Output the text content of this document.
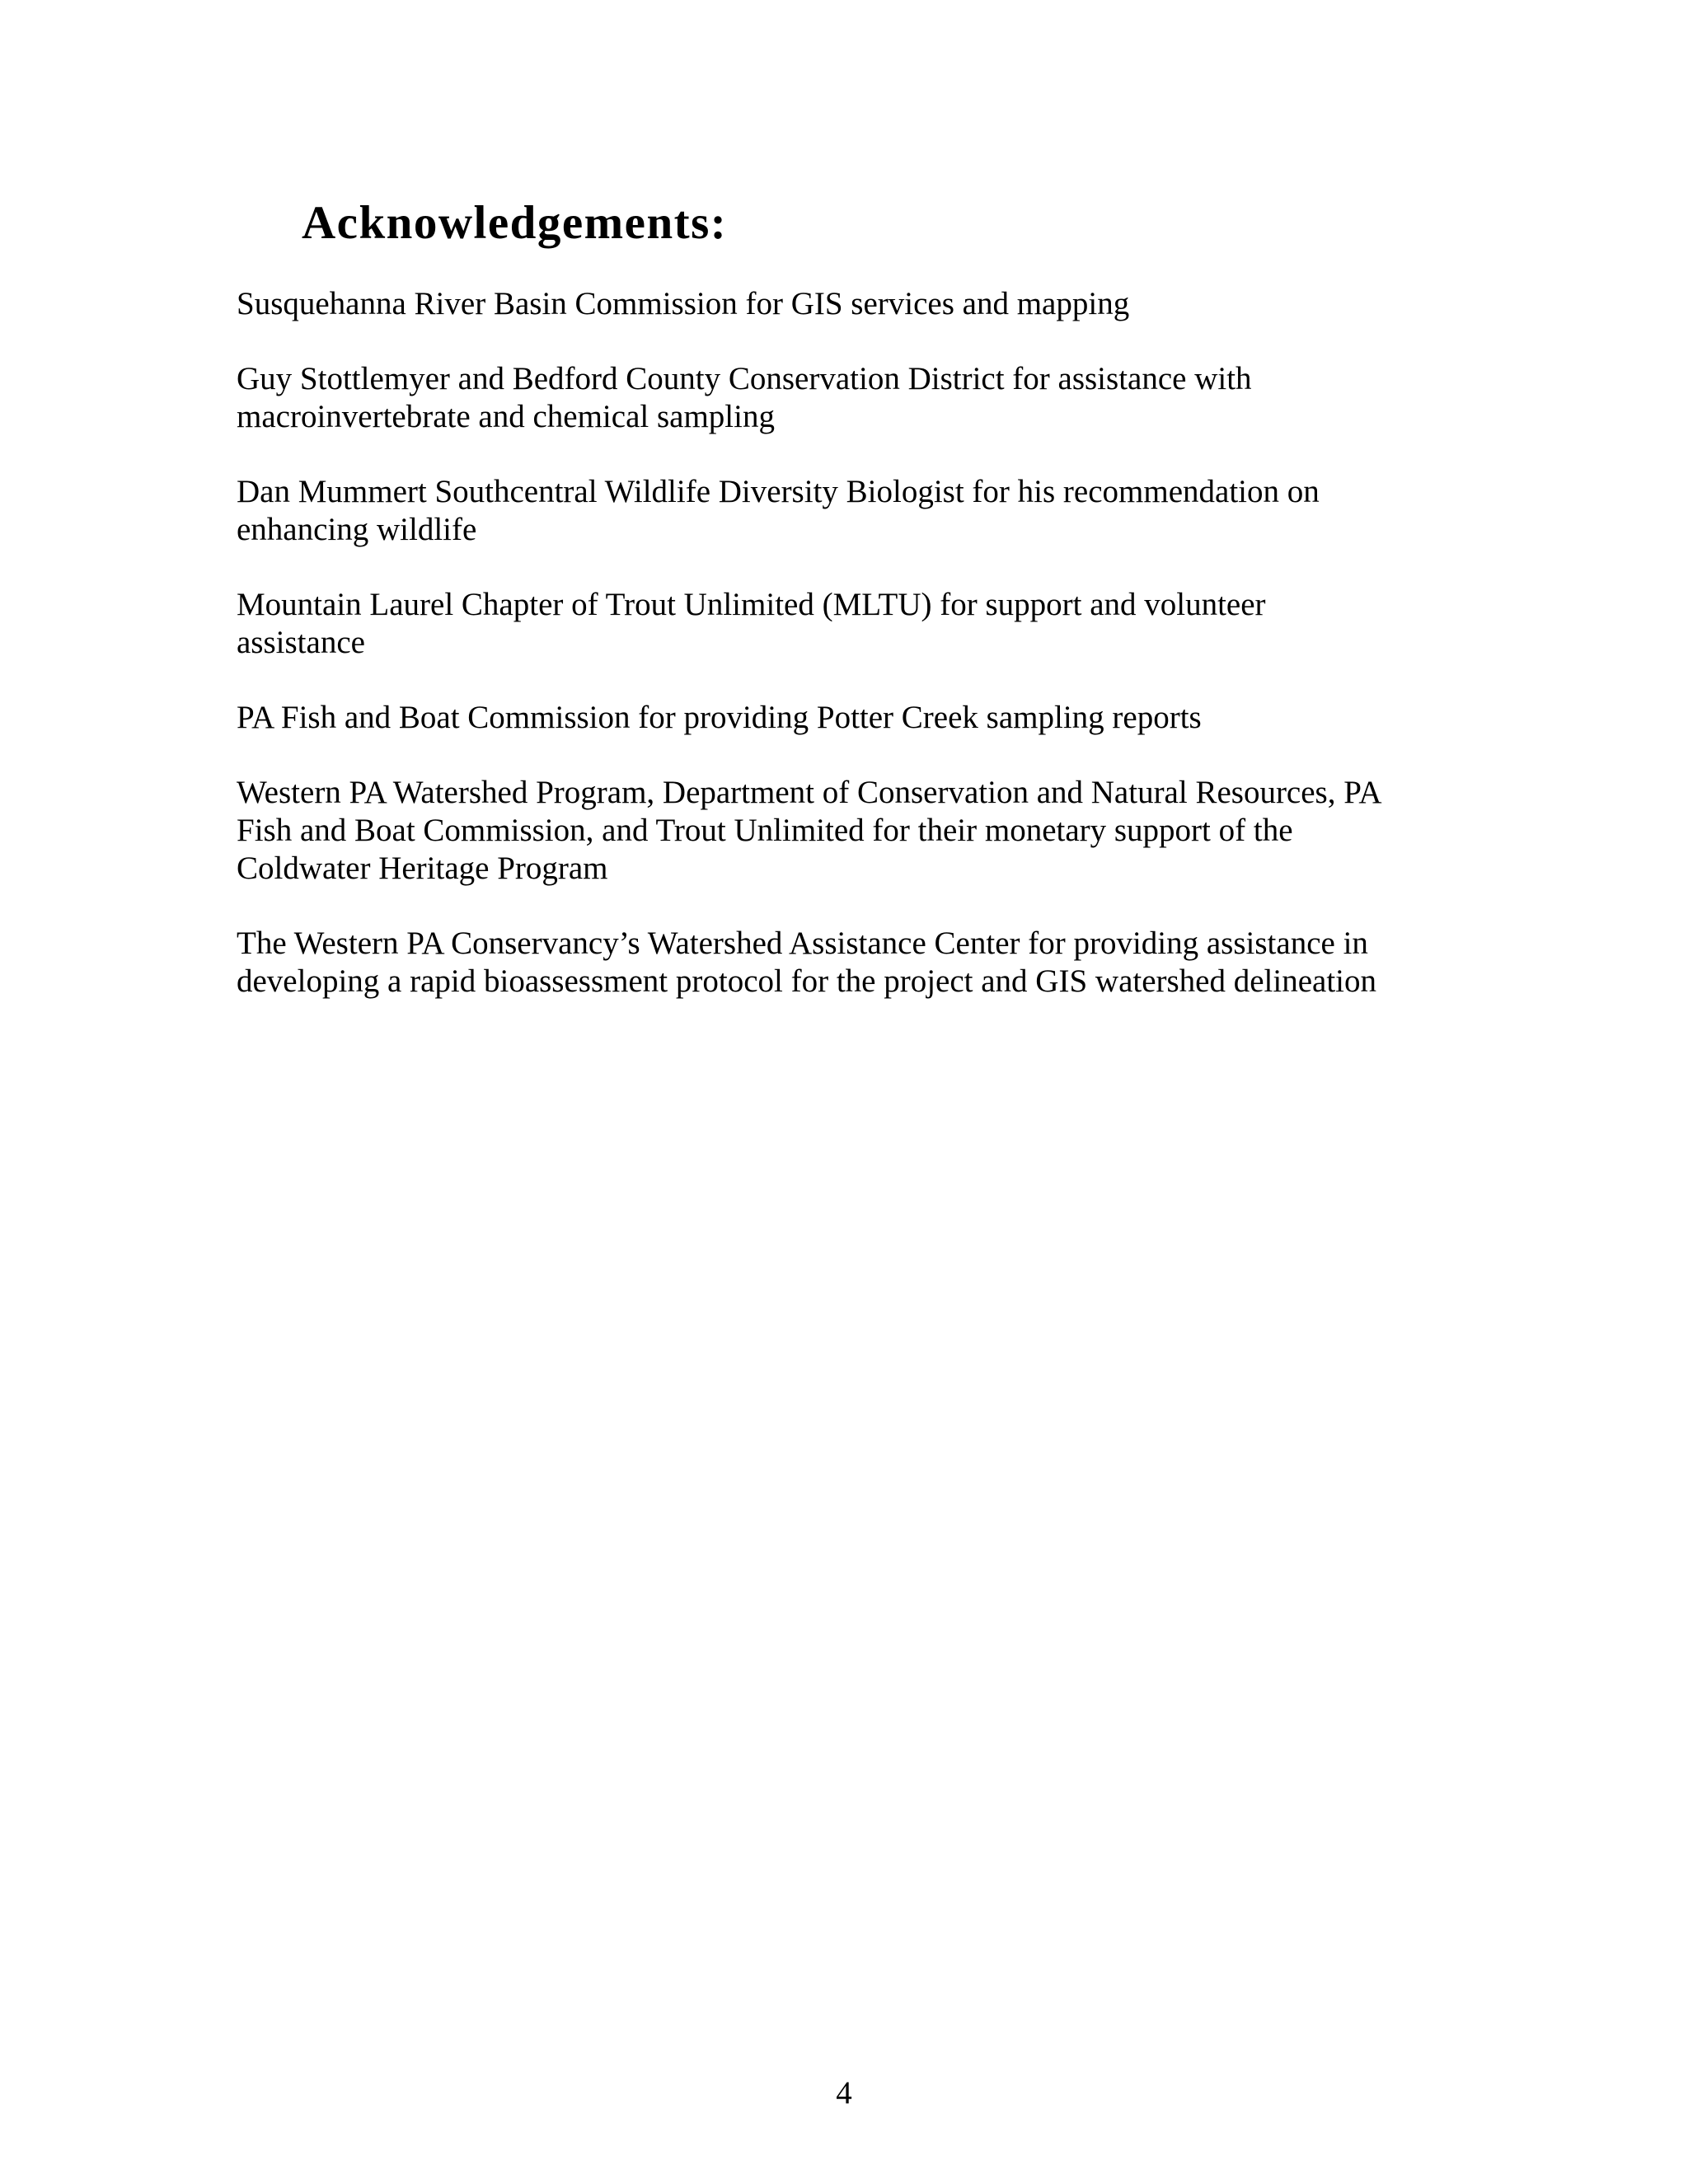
Acknowledgements:

Susquehanna River Basin Commission for GIS services and mapping

Guy Stottlemyer and Bedford County Conservation District for assistance with
macroinvertebrate and chemical sampling

Dan Mummert Southcentral Wildlife Diversity Biologist for his recommendation on
enhancing wildlife

Mountain Laurel Chapter of Trout Unlimited (MLTU) for support and volunteer
assistance

PA Fish and Boat Commission for providing Potter Creek sampling reports

Western PA Watershed Program, Department of Conservation and Natural Resources, PA
Fish and Boat Commission, and Trout Unlimited for their monetary support of the
Coldwater Heritage Program

The Western PA Conservancy’s Watershed Assistance Center for providing assistance in
developing a rapid bioassessment protocol for the project and GIS watershed delineation

4
